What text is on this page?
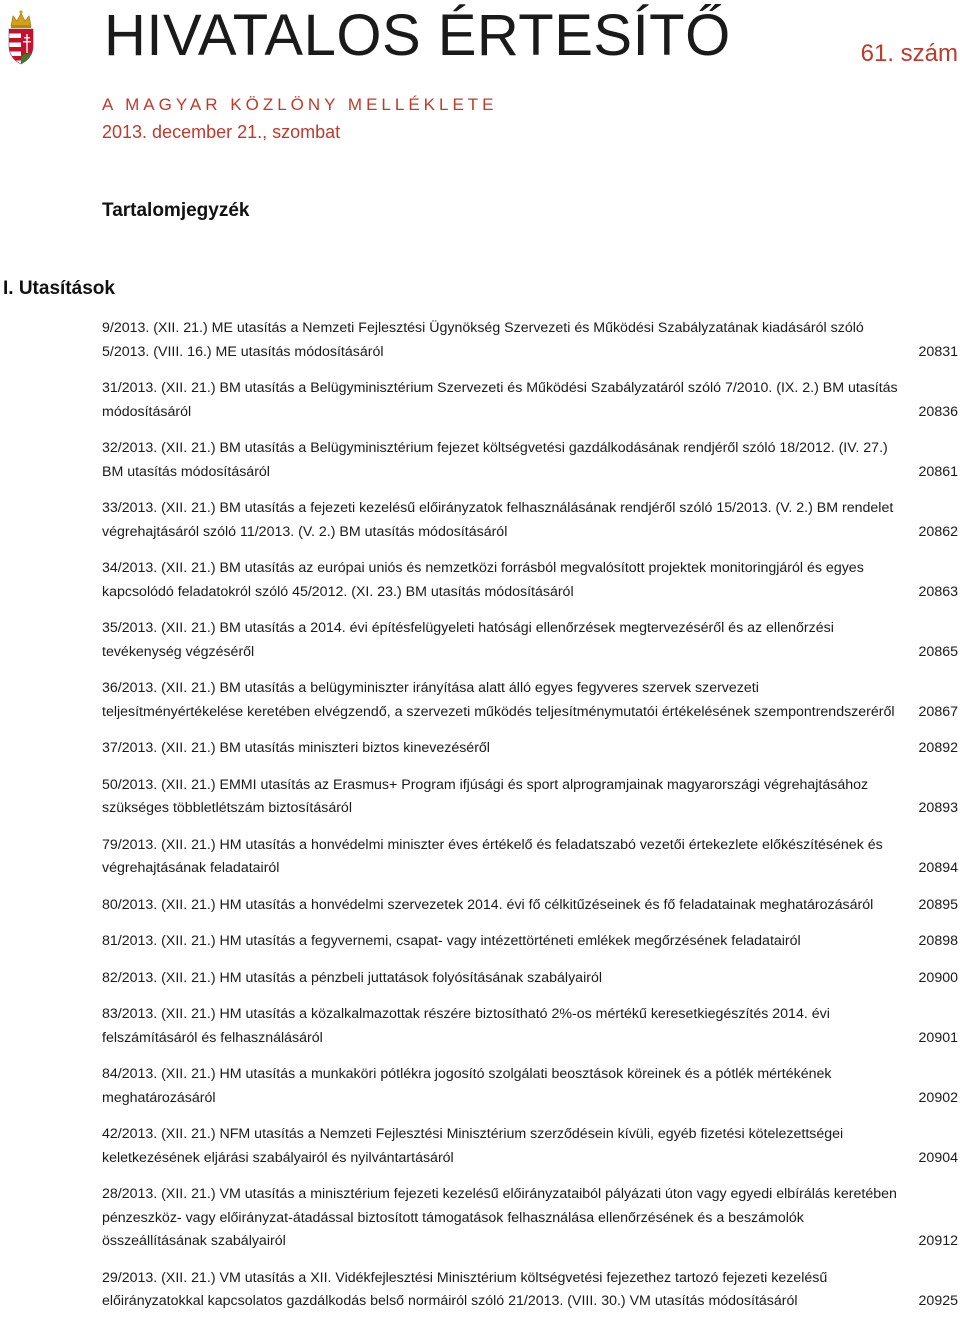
HIVATALOS ÉRTESÍTŐ	61. szám
A MAGYAR KÖZLÖNY MELLÉKLETE
2013. december 21., szombat
Tartalomjegyzék
I. Utasítások
9/2013. (XII. 21.) ME utasítás a Nemzeti Fejlesztési Ügynökség Szervezeti és Működési Szabályzatának kiadásáról szóló 5/2013. (VIII. 16.) ME utasítás módosításáról	20831
31/2013. (XII. 21.) BM utasítás a Belügyminisztérium Szervezeti és Működési Szabályzatáról szóló 7/2010. (IX. 2.) BM utasítás módosításáról	20836
32/2013. (XII. 21.) BM utasítás a Belügyminisztérium fejezet költségvetési gazdálkodásának rendjéről szóló 18/2012. (IV. 27.) BM utasítás módosításáról	20861
33/2013. (XII. 21.) BM utasítás a fejezeti kezelésű előirányzatok felhasználásának rendjéről szóló 15/2013. (V. 2.) BM rendelet végrehajtásáról szóló 11/2013. (V. 2.) BM utasítás módosításáról	20862
34/2013. (XII. 21.) BM utasítás az európai uniós és nemzetközi forrásból megvalósított projektek monitoringjáról és egyes kapcsolódó feladatokról szóló 45/2012. (XI. 23.) BM utasítás módosításáról	20863
35/2013. (XII. 21.) BM utasítás a 2014. évi építésfelügyeleti hatósági ellenőrzések megtervezéséről és az ellenőrzési tevékenység végzéséről	20865
36/2013. (XII. 21.) BM utasítás a belügyminiszter irányítása alatt álló egyes fegyveres szervek szervezeti teljesítményértékelése keretében elvégzendő, a szervezeti működés teljesítménymutatói értékelésének szempontrendszeréről	20867
37/2013. (XII. 21.) BM utasítás miniszteri biztos kinevezéséről	20892
50/2013. (XII. 21.) EMMI utasítás az Erasmus+ Program ifjúsági és sport alprogramjainak magyarországi végrehajtásához szükséges többletlétszám biztosításáról	20893
79/2013. (XII. 21.) HM utasítás a honvédelmi miniszter éves értékelő és feladatszabó vezetői értekezlete előkészítésének és végrehajtásának feladatairól	20894
80/2013. (XII. 21.) HM utasítás a honvédelmi szervezetek 2014. évi fő célkitűzéseinek és fő feladatainak meghatározásáról	20895
81/2013. (XII. 21.) HM utasítás a fegyvernemi, csapat- vagy intézettörténeti emlékek megőrzésének feladatairól	20898
82/2013. (XII. 21.) HM utasítás a pénzbeli juttatások folyósításának szabályairól	20900
83/2013. (XII. 21.) HM utasítás a közalkalmazottak részére biztosítható 2%-os mértékű keresetkiegészítés 2014. évi felszámításáról és felhasználásáról	20901
84/2013. (XII. 21.) HM utasítás a munkaköri pótlékra jogosító szolgálati beosztások köreinek és a pótlék mértékének meghatározásáról	20902
42/2013. (XII. 21.) NFM utasítás a Nemzeti Fejlesztési Minisztérium szerződésein kívüli, egyéb fizetési kötelezettségei keletkezésének eljárási szabályairól és nyilvántartásáról	20904
28/2013. (XII. 21.) VM utasítás a minisztérium fejezeti kezelésű előirányzataiból pályázati úton vagy egyedi elbírálás keretében pénzeszköz- vagy előirányzat-átadással biztosított támogatások felhasználása ellenőrzésének és a beszámolók összeállításának szabályairól	20912
29/2013. (XII. 21.) VM utasítás a XII. Vidékfejlesztési Minisztérium költségvetési fejezethez tartozó fejezeti kezelésű előirányzatokkal kapcsolatos gazdálkodás belső normáiról szóló 21/2013. (VIII. 30.) VM utasítás módosításáról	20925
